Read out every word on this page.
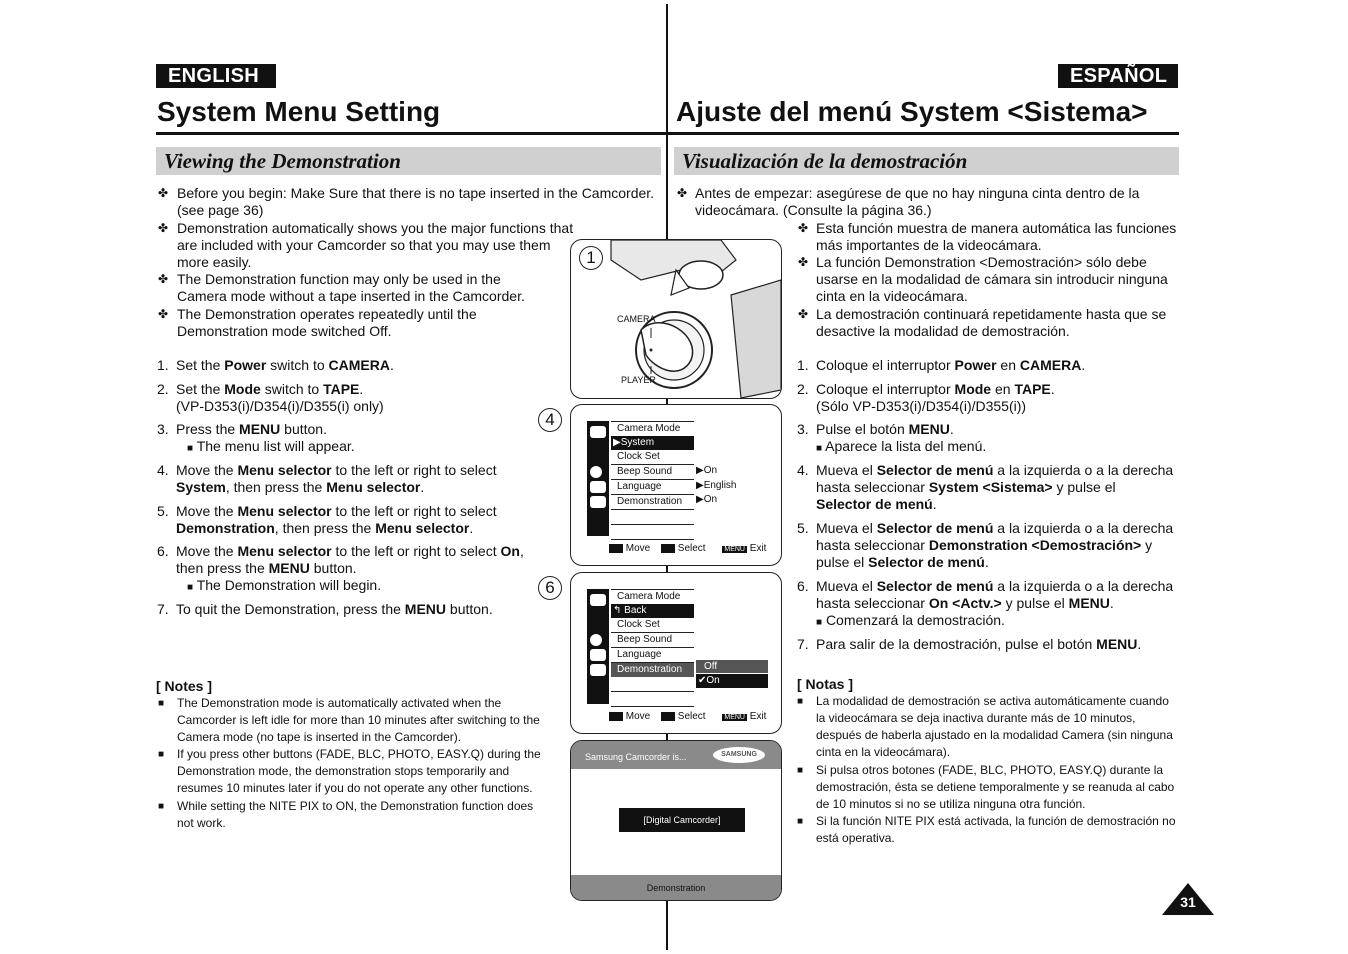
ENGLISH
System Menu Setting
Viewing the Demonstration
ESPAÑOL
Ajuste del menú System <Sistema>
Visualización de la demostración
✤ Before you begin: Make Sure that there is no tape inserted in the Camcorder. (see page 36)
✤ Demonstration automatically shows you the major functions that are included with your Camcorder so that you may use them more easily.
✤ The Demonstration function may only be used in the Camera mode without a tape inserted in the Camcorder.
✤ The Demonstration operates repeatedly until the Demonstration mode switched Off.
1. Set the Power switch to CAMERA.
2. Set the Mode switch to TAPE.
(VP-D353(i)/D354(i)/D355(i) only)
3. Press the MENU button.
■ The menu list will appear.
4. Move the Menu selector to the left or right to select
System, then press the Menu selector.
5. Move the Menu selector to the left or right to select
Demonstration, then press the Menu selector.
6. Move the Menu selector to the left or right to select On,
then press the MENU button.
■ The Demonstration will begin.
7. To quit the Demonstration, press the MENU button.
[ Notes ]
■ The Demonstration mode is automatically activated when the Camcorder is left idle for more than 10 minutes after switching to the Camera mode (no tape is inserted in the Camcorder).
■ If you press other buttons (FADE, BLC, PHOTO, EASY.Q) during the Demonstration mode, the demonstration stops temporarily and resumes 10 minutes later if you do not operate any other functions.
■ While setting the NITE PIX to ON, the Demonstration function does not work.
✤ Antes de empezar: asegúrese de que no hay ninguna cinta dentro de la videocámara. (Consulte la página 36.)
✤ Esta función muestra de manera automática las funciones más importantes de la videocámara.
✤ La función Demonstration <Demostración> sólo debe usarse en la modalidad de cámara sin introducir ninguna cinta en la videocámara.
✤ La demostración continuará repetidamente hasta que se desactive la modalidad de demostración.
1. Coloque el interruptor Power en CAMERA.
2. Coloque el interruptor Mode en TAPE.
(Sólo VP-D353(i)/D354(i)/D355(i))
3. Pulse el botón MENU.
■ Aparece la lista del menú.
4. Mueva el Selector de menú a la izquierda o a la derecha
hasta seleccionar System <Sistema> y pulse el
Selector de menú.
5. Mueva el Selector de menú a la izquierda o a la derecha
hasta seleccionar Demonstration <Demostración> y
pulse el Selector de menú.
6. Mueva el Selector de menú a la izquierda o a la derecha
hasta seleccionar On <Actv.> y pulse el MENU.
■ Comenzará la demostración.
7. Para salir de la demostración, pulse el botón MENU.
[ Notas ]
■ La modalidad de demostración se activa automáticamente cuando la videocámara se deja inactiva durante más de 10 minutos, después de haberla ajustado en la modalidad Camera (sin ninguna cinta en la videocámara).
■ Si pulsa otros botones (FADE, BLC, PHOTO, EASY.Q) durante la demostración, ésta se detiene temporalmente y se reanuda al cabo de 10 minutos si no se utiliza ninguna otra función.
■ Si la función NITE PIX está activada, la función de demostración no está operativa.
1
CAMERA
PLAYER
4	Camera Mode
▶System
Clock Set
Beep Sound
Language
Demonstration
▶On
▶English
▶On
Move	Select	MENU Exit
6	Camera Mode
↰ Back
Clock Set
Beep Sound
Language
Demonstration	Off
✔On
Move	Select	MENU Exit
Samsung Camcorder is...	SAMSUNG
[Digital Camcorder]
Demonstration
31
